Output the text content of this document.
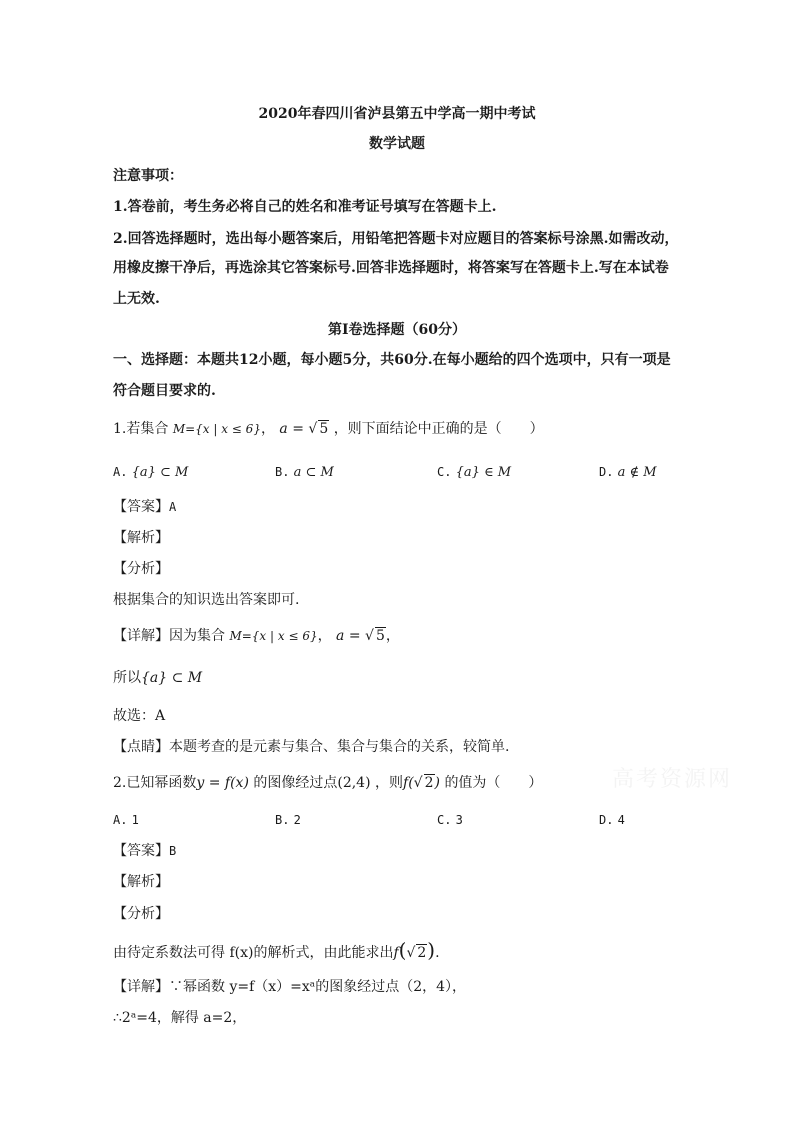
2020年春四川省泸县第五中学高一期中考试
数学试题
注意事项：
1.答卷前，考生务必将自己的姓名和准考证号填写在答题卡上.
2.回答选择题时，选出每小题答案后，用铅笔把答题卡对应题目的答案标号涂黑.如需改动，
用橡皮擦干净后，再选涂其它答案标号.回答非选择题时，将答案写在答题卡上.写在本试卷
上无效.
第I卷选择题（60分）
一、选择题：本题共12小题，每小题5分，共60分.在每小题给的四个选项中，只有一项是
符合题目要求的.
1.若集合 M={x | x ≤ 6}， a = √ 5 ，则下面结论中正确的是（　　）
A. {a} ⊂ M	B. a ⊂ M	C. {a} ∈ M	D. a ∉ M
【答案】A
【解析】
【分析】
根据集合的知识选出答案即可.
【详解】因为集合 M={x | x ≤ 6}， a = √ 5，
所以{a} ⊂ M
故选：A
【点睛】本题考查的是元素与集合、集合与集合的关系，较简单.
2.已知幂函数y = f(x) 的图像经过点(2,4) ，则f(√ 2) 的值为（　　）
A. 1	B. 2	C. 3	D. 4
【答案】B
【解析】
【分析】
由待定系数法可得 f(x)的解析式，由此能求出f(√ 2).
【详解】∵幂函数 y=f（x）=xᵃ的图象经过点（2，4），
∴2ᵃ=4，解得 a=2，
高考资源网
